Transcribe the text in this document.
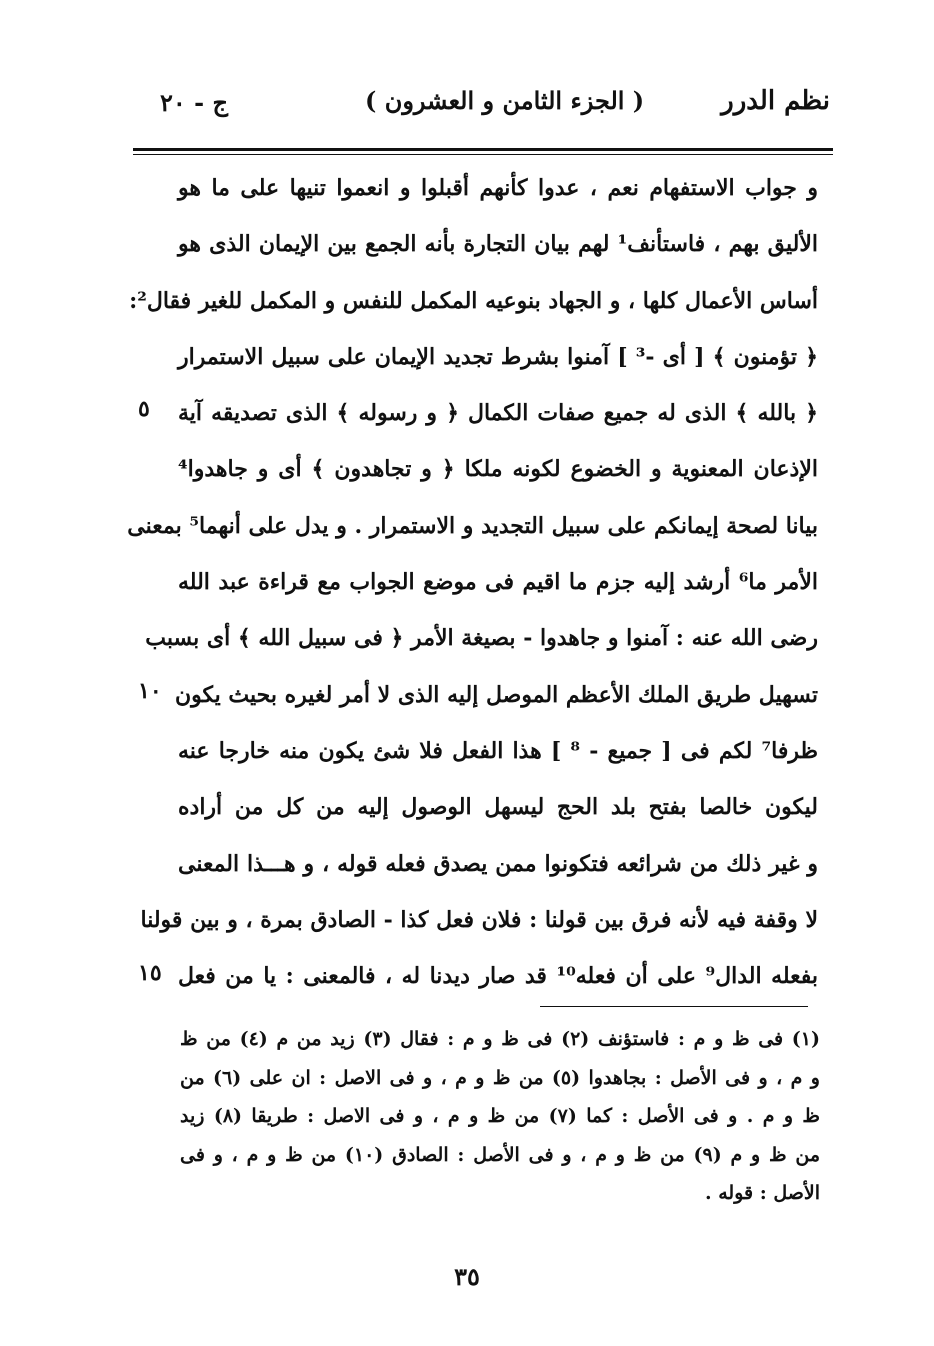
نظم الدرر
( الجزء الثامن و العشرون )
ج - ٢٠
و جواب الاستفهام نعم ، عدوا كأنهم أقبلوا و انعموا تنيها على ما هو
الأليق بهم ، فاستأنف¹ لهم بيان التجارة بأنه الجمع بين الإيمان الذى هو
أساس الأعمال كلها ، و الجهاد بنوعيه المكمل للنفس و المكمل للغير فقال²:
﴿ تؤمنون ﴾ [ أى -³ ] آمنوا بشرط تجديد الإيمان على سبيل الاستمرار
﴿ بالله ﴾ الذى له جميع صفات الكمال ﴿ و رسوله ﴾ الذى تصديقه آية
الإذعان المعنوية و الخضوع لكونه ملكا ﴿ و تجاهدون ﴾ أى و جاهدوا⁴
بيانا لصحة إيمانكم على سبيل التجديد و الاستمرار . و يدل على أنهما⁵ بمعنى
الأمر ما⁶ أرشد إليه جزم ما اقيم فى موضع الجواب مع قراءة عبد الله
رضى الله عنه : آمنوا و جاهدوا - بصيغة الأمر ﴿ فى سبيل الله ﴾ أى بسبب
تسهيل طريق الملك الأعظم الموصل إليه الذى لا أمر لغيره بحيث يكون
ظرفا⁷ لكم فى [ جميع - ⁸ ] هذا الفعل فلا شئ يكون منه خارجا عنه
ليكون خالصا بفتح بلد الحج ليسهل الوصول إليه من كل من أراده
و غير ذلك من شرائعه فتكونوا ممن يصدق فعله قوله ، و هـــذا المعنى
لا وقفة فيه لأنه فرق بين قولنا : فلان فعل كذا - الصادق بمرة ، و بين قولنا
بفعله الدال⁹ على أن فعله¹⁰ قد صار ديدنا له ، فالمعنى : يا من فعل
٥
١٠
١٥
(١) فى ظ و م : فاستؤنف (٢) فى ظ و م : فقال (٣) زيد من م (٤) من ظ
و م ، و فى الأصل : بجاهدوا (٥) من ظ و م ، و فى الاصل : ان على (٦) من
ظ و م . و فى الأصل : كما (٧) من ظ و م ، و فى الاصل : طريقا (٨) زيد
من ظ و م (٩) من ظ و م ، و فى الأصل : الصادق (١٠) من ظ و م ، و فى
الأصل : قوله .
٣٥
